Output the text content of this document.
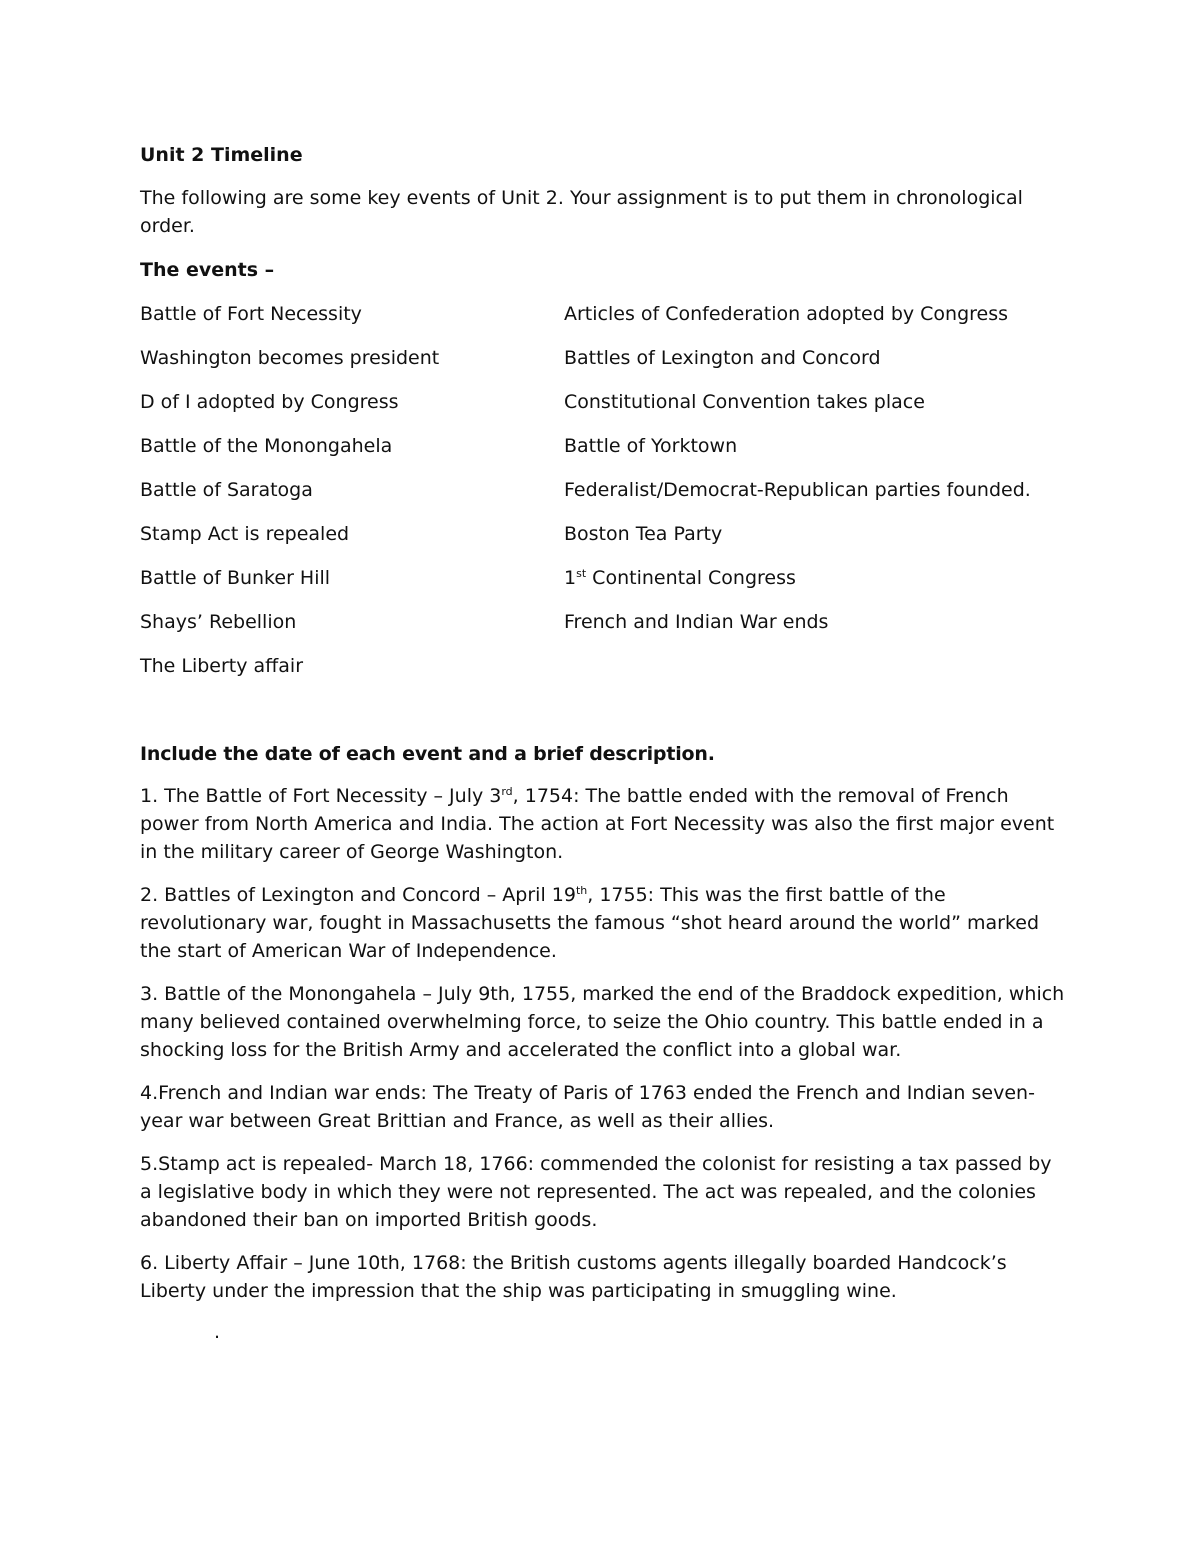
Unit 2 Timeline

The following are some key events of Unit 2. Your assignment is to put them in chronological order.

The events –

Battle of Fort Necessity	Articles of Confederation adopted by Congress

Washington becomes president	Battles of Lexington and Concord

D of I adopted by Congress	Constitutional Convention takes place

Battle of the Monongahela	Battle of Yorktown

Battle of Saratoga	Federalist/Democrat-Republican parties founded.

Stamp Act is repealed	Boston Tea Party

Battle of Bunker Hill	1st Continental Congress

Shays’ Rebellion	French and Indian War ends

The Liberty affair

Include the date of each event and a brief description.

1. The Battle of Fort Necessity – July 3rd, 1754: The battle ended with the removal of French power from North America and India. The action at Fort Necessity was also the first major event in the military career of George Washington.

2. Battles of Lexington and Concord – April 19th, 1755: This was the first battle of the revolutionary war, fought in Massachusetts the famous “shot heard around the world” marked the start of American War of Independence.

3. Battle of the Monongahela – July 9th, 1755, marked the end of the Braddock expedition, which many believed contained overwhelming force, to seize the Ohio country. This battle ended in a shocking loss for the British Army and accelerated the conflict into a global war.

4.French and Indian war ends: The Treaty of Paris of 1763 ended the French and Indian seven-year war between Great Brittian and France, as well as their allies.

5.Stamp act is repealed- March 18, 1766: commended the colonist for resisting a tax passed by a legislative body in which they were not represented. The act was repealed, and the colonies abandoned their ban on imported British goods.

6. Liberty Affair – June 10th, 1768: the British customs agents illegally boarded Handcock’s Liberty under the impression that the ship was participating in smuggling wine.

.
